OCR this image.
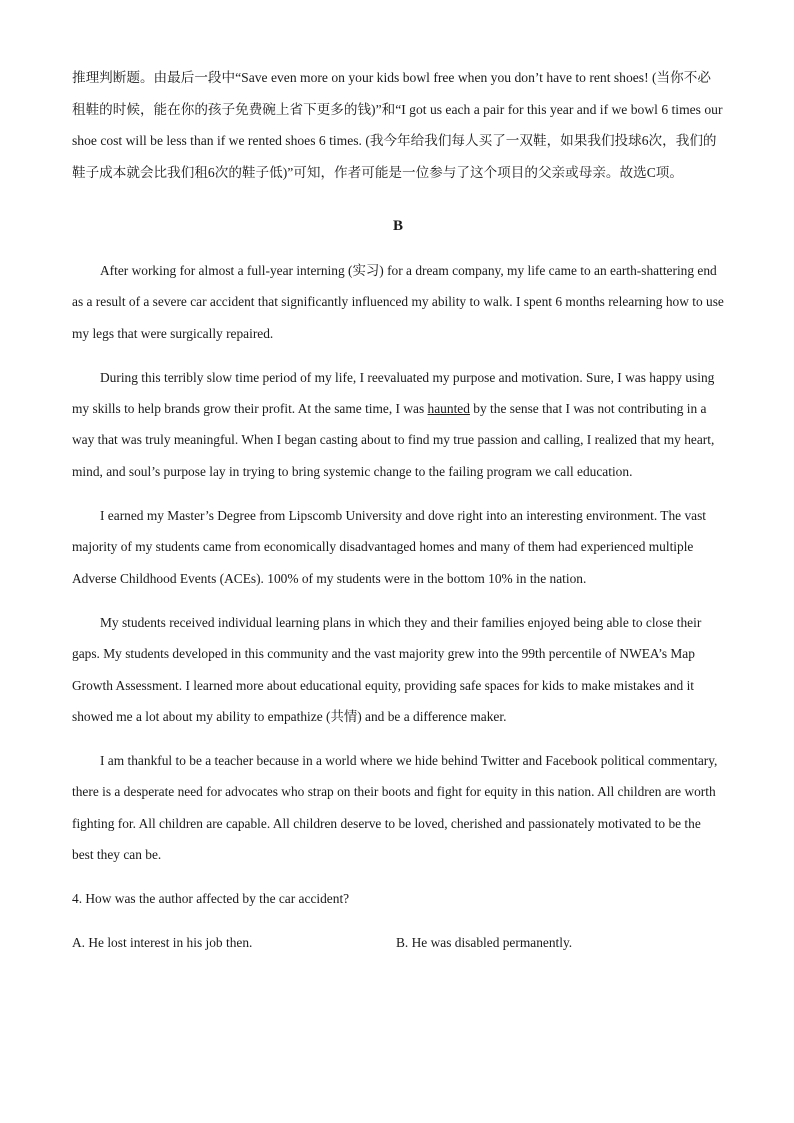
推理判断题。由最后一段中“Save even more on your kids bowl free when you don’t have to rent shoes! (当你不必租鞋的时候，能在你的孩子免费碗上省下更多的钱)”和“I got us each a pair for this year and if we bowl 6 times our shoe cost will be less than if we rented shoes 6 times. (我今年给我们每人买了一双鞋，如果我们投球6次，我们的鞋子成本就会比我们租6次的鞋子低)”可知，作者可能是一位参与了这个项目的父亲或母亲。故选C项。

B

After working for almost a full-year interning (实习) for a dream company, my life came to an earth-shattering end as a result of a severe car accident that significantly influenced my ability to walk. I spent 6 months relearning how to use my legs that were surgically repaired.

During this terribly slow time period of my life, I reevaluated my purpose and motivation. Sure, I was happy using my skills to help brands grow their profit. At the same time, I was haunted by the sense that I was not contributing in a way that was truly meaningful. When I began casting about to find my true passion and calling, I realized that my heart, mind, and soul’s purpose lay in trying to bring systemic change to the failing program we call education.

I earned my Master’s Degree from Lipscomb University and dove right into an interesting environment. The vast majority of my students came from economically disadvantaged homes and many of them had experienced multiple Adverse Childhood Events (ACEs). 100% of my students were in the bottom 10% in the nation.

My students received individual learning plans in which they and their families enjoyed being able to close their gaps. My students developed in this community and the vast majority grew into the 99th percentile of NWEA’s Map Growth Assessment. I learned more about educational equity, providing safe spaces for kids to make mistakes and it showed me a lot about my ability to empathize (共情) and be a difference maker.

I am thankful to be a teacher because in a world where we hide behind Twitter and Facebook political commentary, there is a desperate need for advocates who strap on their boots and fight for equity in this nation. All children are worth fighting for. All children are capable. All children deserve to be loved, cherished and passionately motivated to be the best they can be.

4. How was the author affected by the car accident?
A. He lost interest in his job then.	B. He was disabled permanently.
